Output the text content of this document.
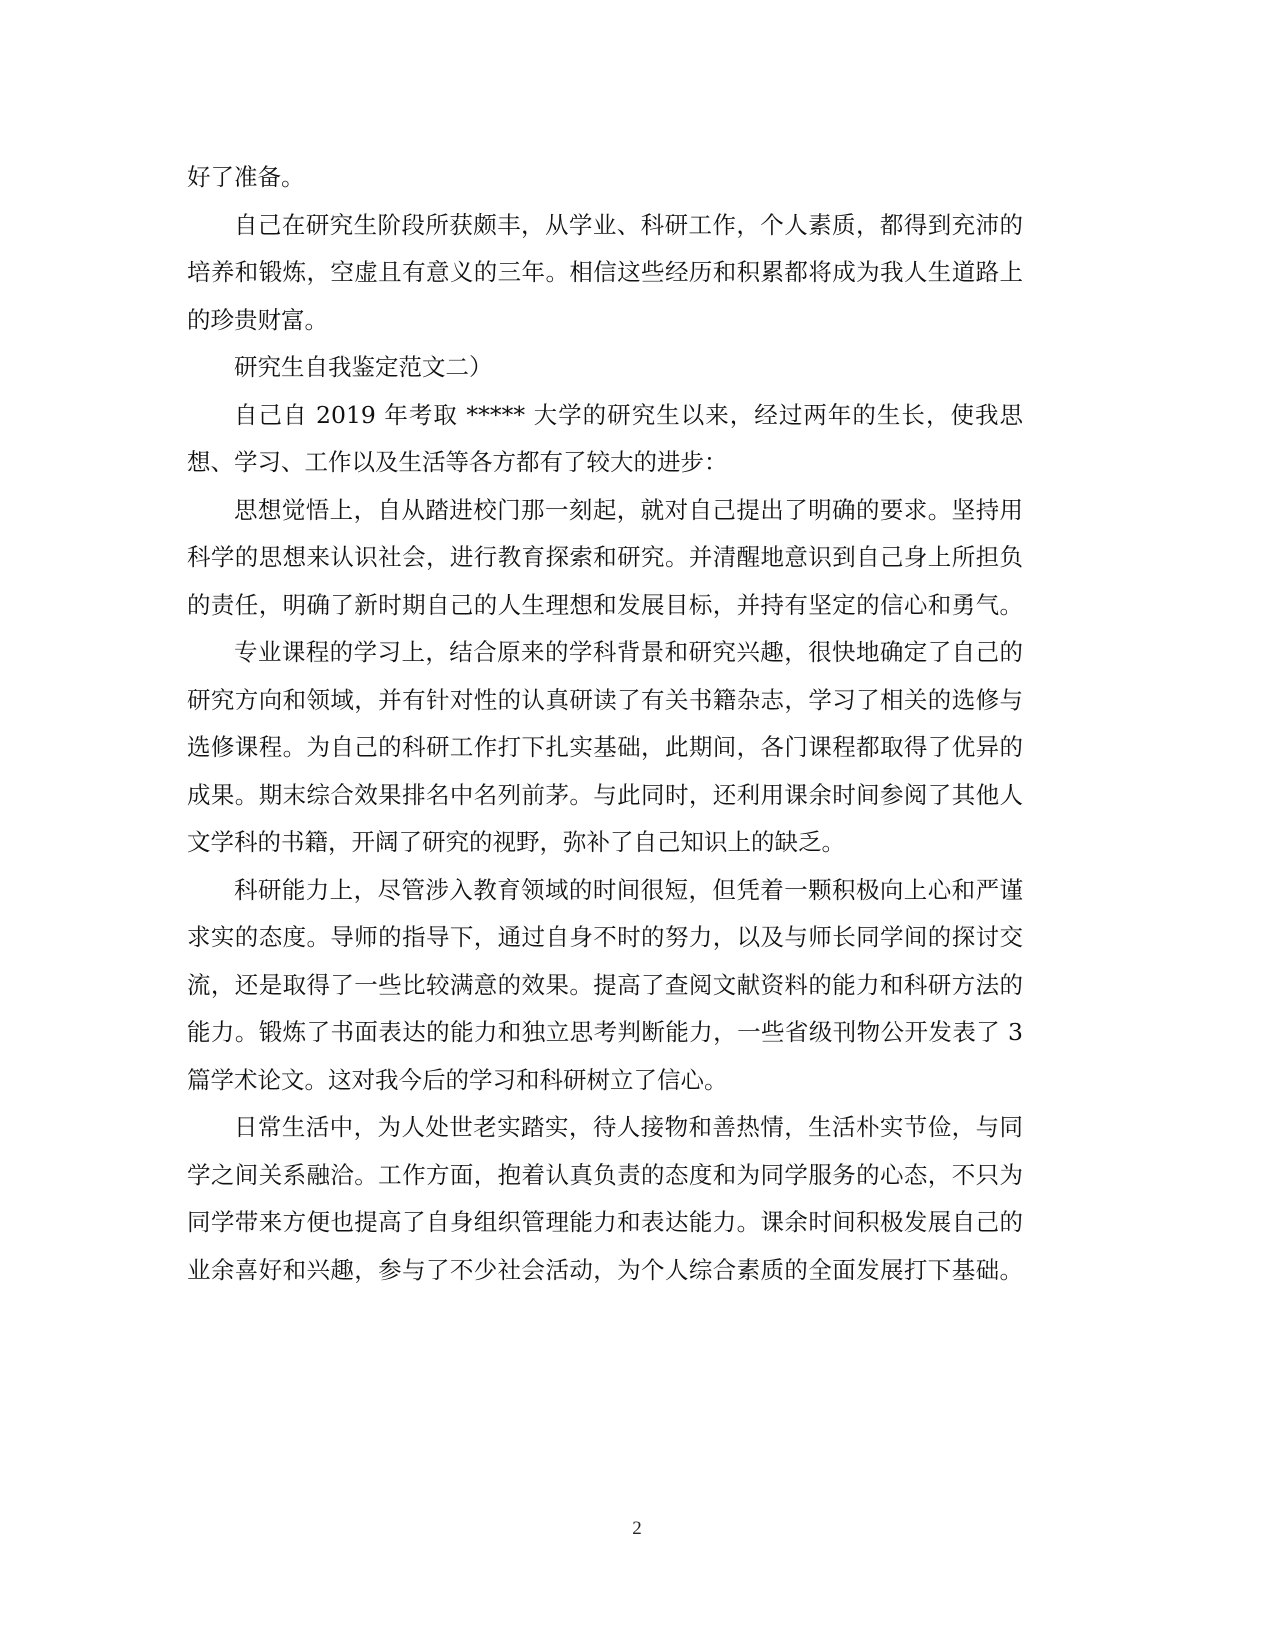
好了准备。
自己在研究生阶段所获颇丰，从学业、科研工作，个人素质，都得到充沛的
培养和锻炼，空虚且有意义的三年。相信这些经历和积累都将成为我人生道路上
的珍贵财富。
研究生自我鉴定范文二）
自己自 2019 年考取 ***** 大学的研究生以来，经过两年的生长，使我思
想、学习、工作以及生活等各方都有了较大的进步：
思想觉悟上，自从踏进校门那一刻起，就对自己提出了明确的要求。坚持用
科学的思想来认识社会，进行教育探索和研究。并清醒地意识到自己身上所担负
的责任，明确了新时期自己的人生理想和发展目标，并持有坚定的信心和勇气。
专业课程的学习上，结合原来的学科背景和研究兴趣，很快地确定了自己的
研究方向和领域，并有针对性的认真研读了有关书籍杂志，学习了相关的选修与
选修课程。为自己的科研工作打下扎实基础，此期间，各门课程都取得了优异的
成果。期末综合效果排名中名列前茅。与此同时，还利用课余时间参阅了其他人
文学科的书籍，开阔了研究的视野，弥补了自己知识上的缺乏。
科研能力上，尽管涉入教育领域的时间很短，但凭着一颗积极向上心和严谨
求实的态度。导师的指导下，通过自身不时的努力，以及与师长同学间的探讨交
流，还是取得了一些比较满意的效果。提高了查阅文献资料的能力和科研方法的
能力。锻炼了书面表达的能力和独立思考判断能力，一些省级刊物公开发表了 3
篇学术论文。这对我今后的学习和科研树立了信心。
日常生活中，为人处世老实踏实，待人接物和善热情，生活朴实节俭，与同
学之间关系融洽。工作方面，抱着认真负责的态度和为同学服务的心态，不只为
同学带来方便也提高了自身组织管理能力和表达能力。课余时间积极发展自己的
业余喜好和兴趣，参与了不少社会活动，为个人综合素质的全面发展打下基础。
2
